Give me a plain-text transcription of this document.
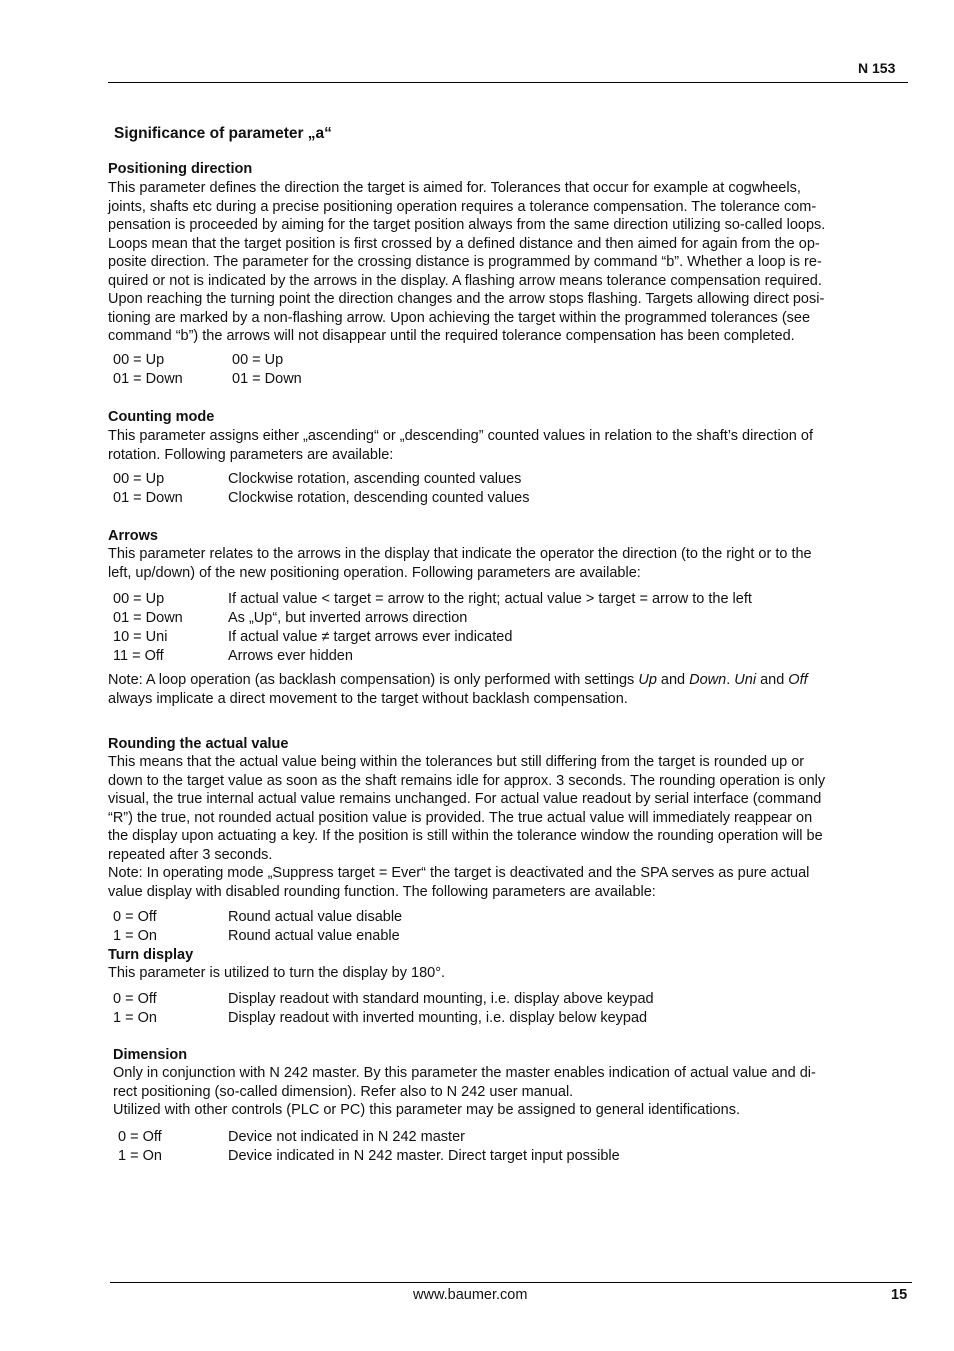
N 153
Significance of parameter „a“
Positioning direction
This parameter defines the direction the target is aimed for. Tolerances that occur for example at cogwheels,
joints, shafts etc during a precise positioning operation requires a tolerance compensation. The tolerance com-
pensation is proceeded by aiming for the target position always from the same direction utilizing so-called loops.
Loops mean that the target position is first crossed by a defined distance and then aimed for again from the op-
posite direction. The parameter for the crossing distance is programmed by command “b”. Whether a loop is re-
quired or not is indicated by the arrows in the display. A flashing arrow means tolerance compensation required.
Upon reaching the turning point the direction changes and the arrow stops flashing. Targets allowing direct posi-
tioning are marked by a non-flashing arrow. Upon achieving the target within the programmed tolerances (see
command “b”) the arrows will not disappear until the required tolerance compensation has been completed.
00 = Up	00 = Up
01 = Down	01 = Down
Counting mode
This parameter assigns either „ascending“ or „descending” counted values in relation to the shaft’s direction of
rotation. Following parameters are available:
00 = Up	Clockwise rotation, ascending counted values
01 = Down	Clockwise rotation, descending counted values
Arrows
This parameter relates to the arrows in the display that indicate the operator the direction (to the right or to the
left, up/down) of the new positioning operation. Following parameters are available:
00 = Up	If actual value < target = arrow to the right; actual value > target = arrow to the left
01 = Down	As „Up“, but inverted arrows direction
10 = Uni	If actual value ≠ target arrows ever indicated
11 = Off	Arrows ever hidden
Note: A loop operation (as backlash compensation) is only performed with settings Up and Down. Uni and Off
always implicate a direct movement to the target without backlash compensation.
Rounding the actual value
This means that the actual value being within the tolerances but still differing from the target is rounded up or
down to the target value as soon as the shaft remains idle for approx. 3 seconds. The rounding operation is only
visual, the true internal actual value remains unchanged. For actual value readout by serial interface (command
“R”) the true, not rounded actual position value is provided. The true actual value will immediately reappear on
the display upon actuating a key. If the position is still within the tolerance window the rounding operation will be
repeated after 3 seconds.
Note: In operating mode „Suppress target = Ever“ the target is deactivated and the SPA serves as pure actual
value display with disabled rounding function. The following parameters are available:
0 = Off	Round actual value disable
1 = On	Round actual value enable
Turn display
This parameter is utilized to turn the display by 180°.
0 = Off	Display readout with standard mounting, i.e. display above keypad
1 = On	Display readout with inverted mounting, i.e. display below keypad
Dimension
Only in conjunction with N 242 master. By this parameter the master enables indication of actual value and di-
rect positioning (so-called dimension). Refer also to N 242 user manual.
Utilized with other controls (PLC or PC) this parameter may be assigned to general identifications.
0 = Off	Device not indicated in N 242 master
1 = On	Device indicated in N 242 master. Direct target input possible
www.baumer.com	15
